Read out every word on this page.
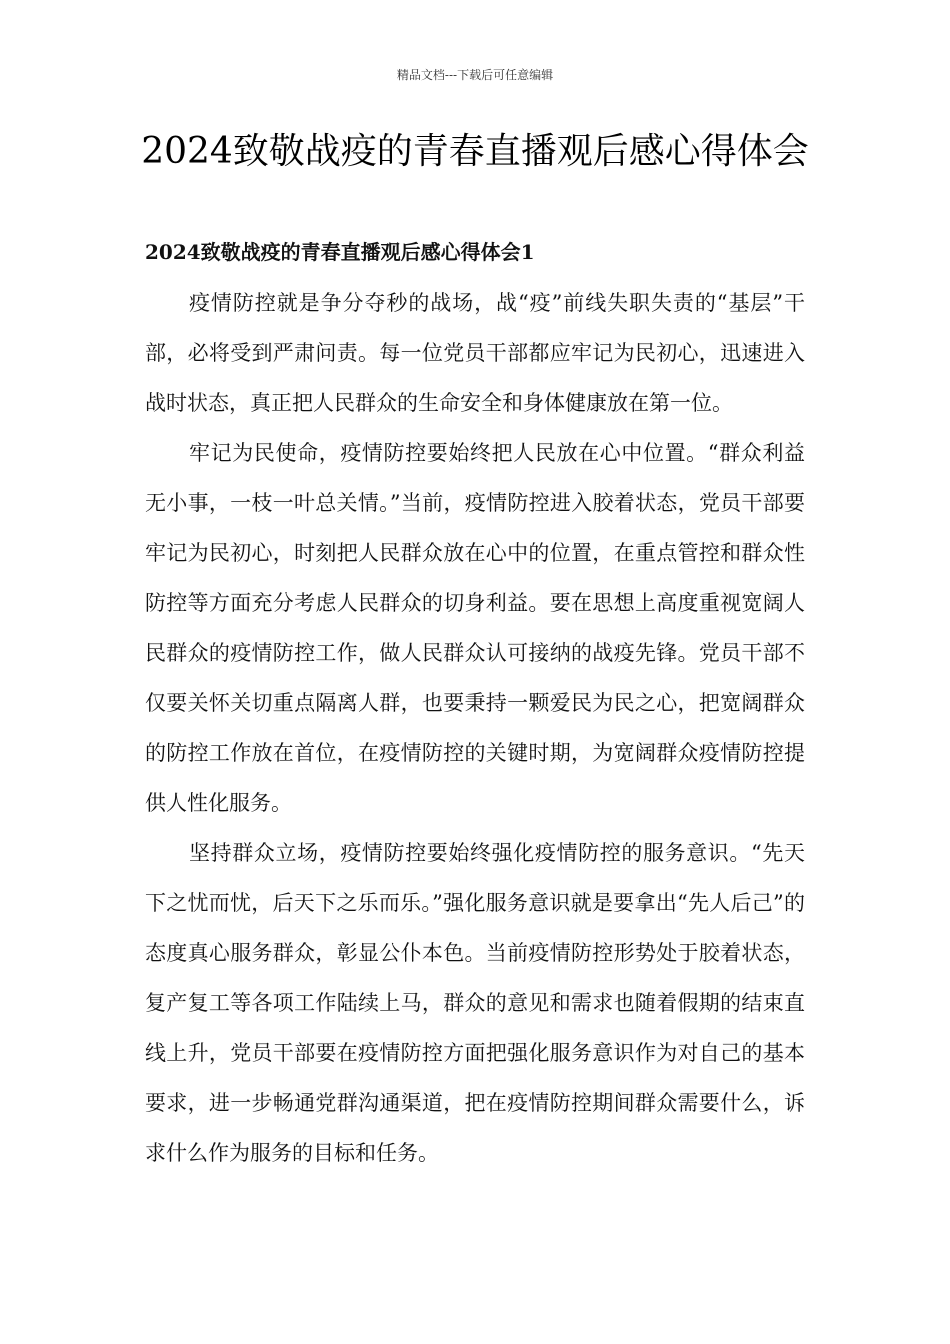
精品文档---下载后可任意编辑
2024致敬战疫的青春直播观后感心得体会
2024致敬战疫的青春直播观后感心得体会1

疫情防控就是争分夺秒的战场，战“疫”前线失职失责的“基层”干部，必将受到严肃问责。每一位党员干部都应牢记为民初心，迅速进入战时状态，真正把人民群众的生命安全和身体健康放在第一位。

牢记为民使命，疫情防控要始终把人民放在心中位置。“群众利益无小事，一枝一叶总关情。”当前，疫情防控进入胶着状态，党员干部要牢记为民初心，时刻把人民群众放在心中的位置，在重点管控和群众性防控等方面充分考虑人民群众的切身利益。要在思想上高度重视宽阔人民群众的疫情防控工作，做人民群众认可接纳的战疫先锋。党员干部不仅要关怀关切重点隔离人群，也要秉持一颗爱民为民之心，把宽阔群众的防控工作放在首位，在疫情防控的关键时期，为宽阔群众疫情防控提供人性化服务。

坚持群众立场，疫情防控要始终强化疫情防控的服务意识。“先天下之忧而忧，后天下之乐而乐。”强化服务意识就是要拿出“先人后己”的态度真心服务群众，彰显公仆本色。当前疫情防控形势处于胶着状态，复产复工等各项工作陆续上马，群众的意见和需求也随着假期的结束直线上升，党员干部要在疫情防控方面把强化服务意识作为对自己的基本要求，进一步畅通党群沟通渠道，把在疫情防控期间群众需要什么，诉求什么作为服务的目标和任务。
